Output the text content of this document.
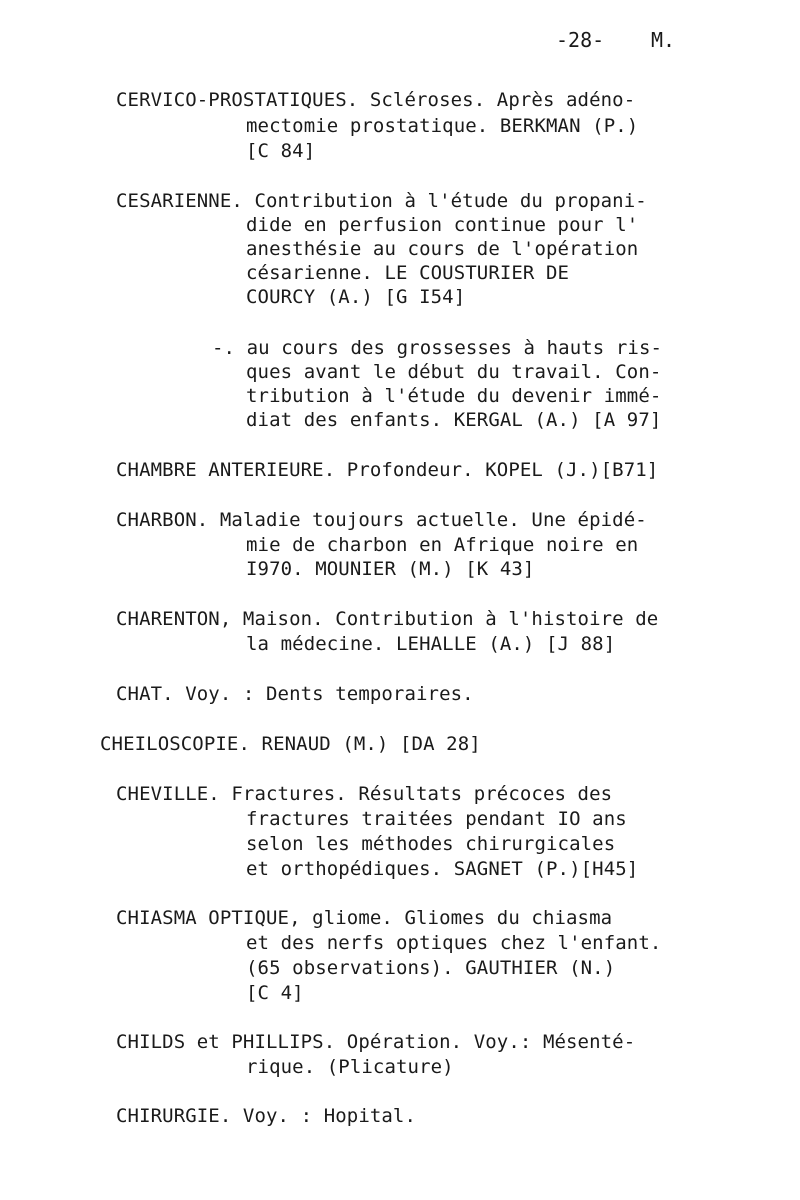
-28- M.
CERVICO-PROSTATIQUES. Scléroses. Après adéno-
mectomie prostatique. BERKMAN (P.)
[C 84]
CESARIENNE. Contribution à l'étude du propani-
dide en perfusion continue pour l'
anesthésie au cours de l'opération
césarienne. LE COUSTURIER DE
COURCY (A.) [G I54]
-. au cours des grossesses à hauts ris-
ques avant le début du travail. Con-
tribution à l'étude du devenir immé-
diat des enfants. KERGAL (A.) [A 97]
CHAMBRE ANTERIEURE. Profondeur. KOPEL (J.)[B71]
CHARBON. Maladie toujours actuelle. Une épidé-
mie de charbon en Afrique noire en
I970. MOUNIER (M.) [K 43]
CHARENTON, Maison. Contribution à l'histoire de
la médecine. LEHALLE (A.) [J 88]
CHAT. Voy. : Dents temporaires.
CHEILOSCOPIE. RENAUD (M.) [DA 28]
CHEVILLE. Fractures. Résultats précoces des
fractures traitées pendant IO ans
selon les méthodes chirurgicales
et orthopédiques. SAGNET (P.)[H45]
CHIASMA OPTIQUE, gliome. Gliomes du chiasma
et des nerfs optiques chez l'enfant.
(65 observations). GAUTHIER (N.)
[C 4]
CHILDS et PHILLIPS. Opération. Voy.: Mésenté-
rique. (Plicature)
CHIRURGIE. Voy. : Hopital.
